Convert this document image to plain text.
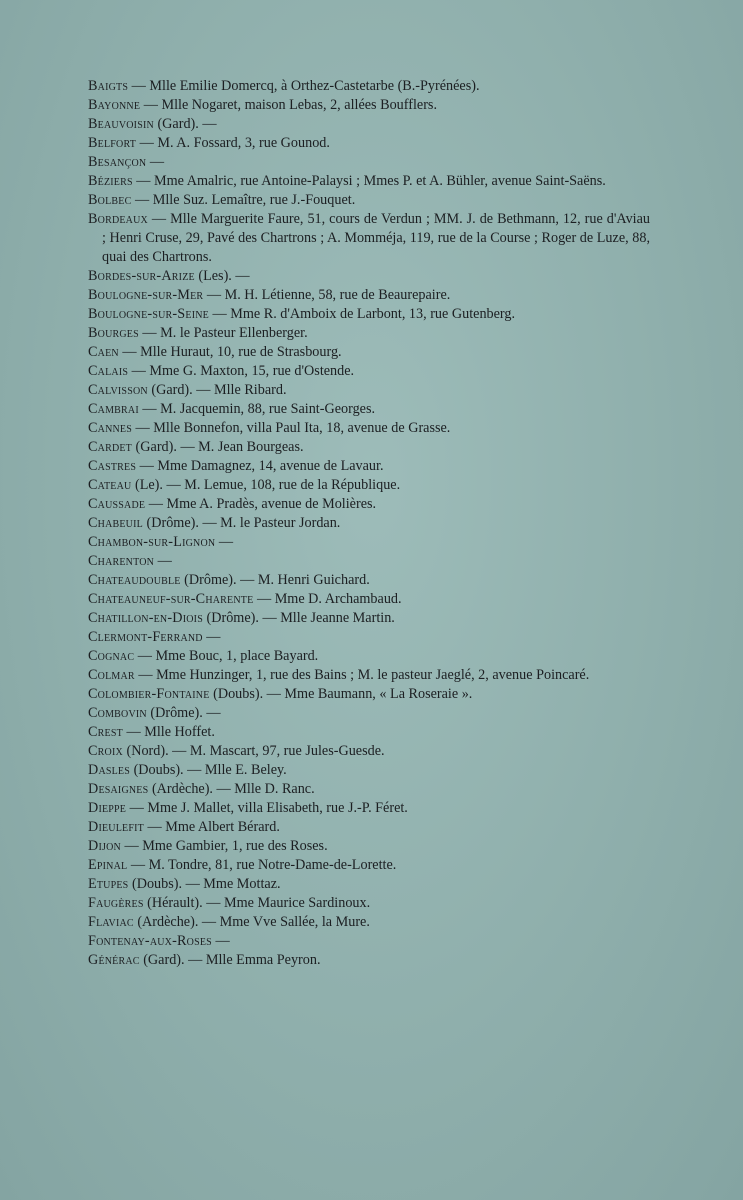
Baigts — Mlle Emilie Domercq, à Orthez-Castetarbe (B.-Pyrénées).
Bayonne — Mlle Nogaret, maison Lebas, 2, allées Boufflers.
Beauvoisin (Gard). —
Belfort — M. A. Fossard, 3, rue Gounod.
Besançon —
Béziers — Mme Amalric, rue Antoine-Palaysi ; Mmes P. et A. Bühler, avenue Saint-Saëns.
Bolbec — Mlle Suz. Lemaître, rue J.-Fouquet.
Bordeaux — Mlle Marguerite Faure, 51, cours de Verdun ; MM. J. de Bethmann, 12, rue d'Aviau ; Henri Cruse, 29, Pavé des Chartrons ; A. Momméja, 119, rue de la Course ; Roger de Luze, 88, quai des Chartrons.
Bordes-sur-Arize (Les). —
Boulogne-sur-Mer — M. H. Létienne, 58, rue de Beaurepaire.
Boulogne-sur-Seine — Mme R. d'Amboix de Larbont, 13, rue Gutenberg.
Bourges — M. le Pasteur Ellenberger.
Caen — Mlle Huraut, 10, rue de Strasbourg.
Calais — Mme G. Maxton, 15, rue d'Ostende.
Calvisson (Gard). — Mlle Ribard.
Cambrai — M. Jacquemin, 88, rue Saint-Georges.
Cannes — Mlle Bonnefon, villa Paul Ita, 18, avenue de Grasse.
Cardet (Gard). — M. Jean Bourgeas.
Castres — Mme Damagnez, 14, avenue de Lavaur.
Cateau (Le). — M. Lemue, 108, rue de la République.
Caussade — Mme A. Pradès, avenue de Molières.
Chabeuil (Drôme). — M. le Pasteur Jordan.
Chambon-sur-Lignon —
Charenton —
Chateaudouble (Drôme). — M. Henri Guichard.
Chateauneuf-sur-Charente — Mme D. Archambaud.
Chatillon-en-Diois (Drôme). — Mlle Jeanne Martin.
Clermont-Ferrand —
Cognac — Mme Bouc, 1, place Bayard.
Colmar — Mme Hunzinger, 1, rue des Bains ; M. le pasteur Jaeglé, 2, avenue Poincaré.
Colombier-Fontaine (Doubs). — Mme Baumann, « La Roseraie ».
Combovin (Drôme). —
Crest — Mlle Hoffet.
Croix (Nord). — M. Mascart, 97, rue Jules-Guesde.
Dasles (Doubs). — Mlle E. Beley.
Desaignes (Ardèche). — Mlle D. Ranc.
Dieppe — Mme J. Mallet, villa Elisabeth, rue J.-P. Féret.
Dieulefit — Mme Albert Bérard.
Dijon — Mme Gambier, 1, rue des Roses.
Epinal — M. Tondre, 81, rue Notre-Dame-de-Lorette.
Etupes (Doubs). — Mme Mottaz.
Faugères (Hérault). — Mme Maurice Sardinoux.
Flaviac (Ardèche). — Mme Vve Sallée, la Mure.
Fontenay-aux-Roses —
Générac (Gard). — Mlle Emma Peyron.
